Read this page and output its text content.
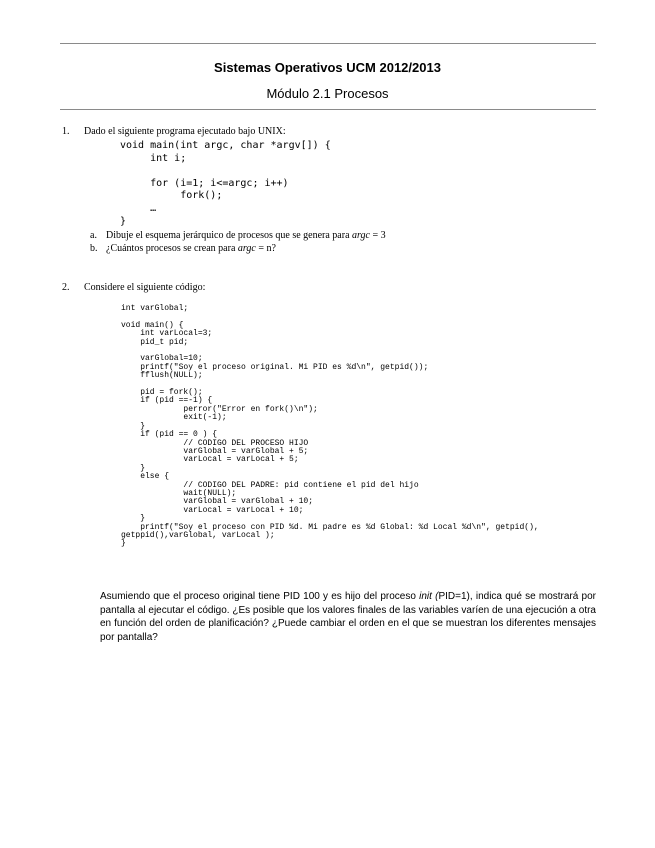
Sistemas Operativos UCM 2012/2013
Módulo 2.1 Procesos
1. Dado el siguiente programa ejecutado bajo UNIX:
void main(int argc, char *argv[]) {
int i;

for (i=1; i<=argc; i++)
fork();
…
}
a. Dibuje el esquema jerárquico de procesos que se genera para argc = 3
b. ¿Cuántos procesos se crean para argc = n?
2. Considere el siguiente código:
int varGlobal;

void main() {
int varLocal=3;
pid_t pid;

varGlobal=10;
printf("Soy el proceso original. Mi PID es %d\n", getpid());
fflush(NULL);

pid = fork();
if (pid ==-1) {
perror("Error en fork()\n");
exit(-1);
}
if (pid == 0 ) {
// CODIGO DEL PROCESO HIJO
varGlobal = varGlobal + 5;
varLocal = varLocal + 5;
}
else {
// CODIGO DEL PADRE: pid contiene el pid del hijo
wait(NULL);
varGlobal = varGlobal + 10;
varLocal = varLocal + 10;
}
printf("Soy el proceso con PID %d. Mi padre es %d Global: %d Local %d\n", getpid(),
getppid(),varGlobal, varLocal );
}

Asumiendo que el proceso original tiene PID 100 y es hijo del proceso init (PID=1), indica qué se mostrará por pantalla al ejecutar el código. ¿Es posible que los valores finales de las variables varíen de una ejecución a otra en función del orden de planificación? ¿Puede cambiar el orden en el que se muestran los diferentes mensajes por pantalla?
